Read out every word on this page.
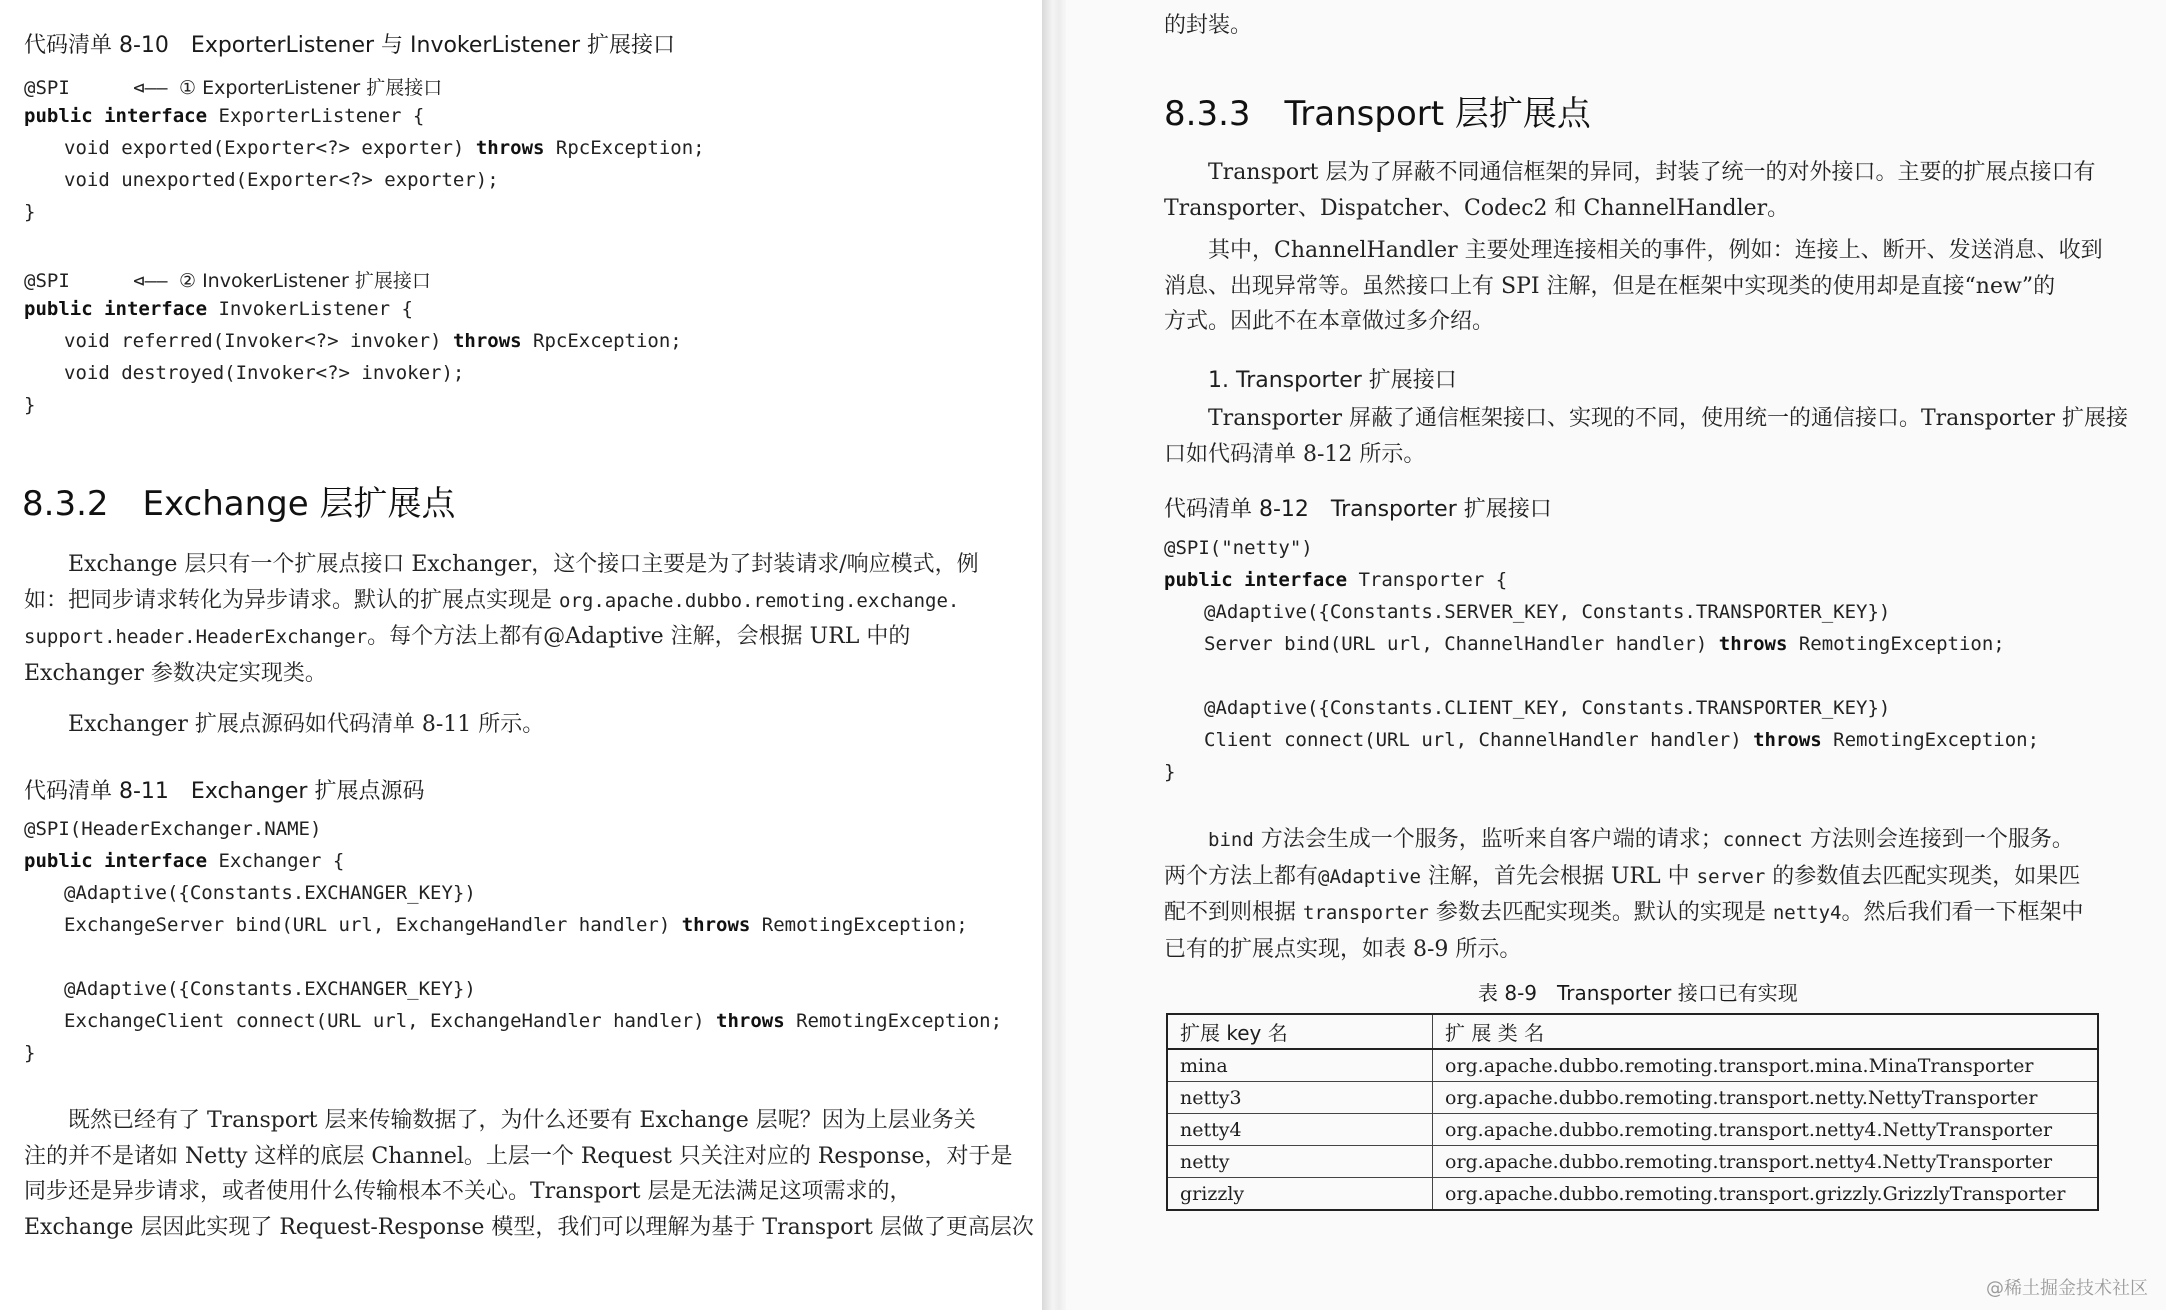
代码清单 8-10　ExporterListener 与 InvokerListener 扩展接口
@SPI	⊲—— ① ExporterListener 扩展接口
public interface ExporterListener {
void exported(Exporter<?> exporter) throws RpcException;
void unexported(Exporter<?> exporter);
}
@SPI	⊲—— ② InvokerListener 扩展接口
public interface InvokerListener {
void referred(Invoker<?> invoker) throws RpcException;
void destroyed(Invoker<?> invoker);
}
8.3.2　Exchange 层扩展点
Exchange 层只有一个扩展点接口 Exchanger，这个接口主要是为了封装请求/响应模式，例
如：把同步请求转化为异步请求。默认的扩展点实现是 org.apache.dubbo.remoting.exchange.
support.header.HeaderExchanger。每个方法上都有@Adaptive 注解，会根据 URL 中的
Exchanger 参数决定实现类。
Exchanger 扩展点源码如代码清单 8-11 所示。
代码清单 8-11　Exchanger 扩展点源码
@SPI(HeaderExchanger.NAME)
public interface Exchanger {
@Adaptive({Constants.EXCHANGER_KEY})
ExchangeServer bind(URL url, ExchangeHandler handler) throws RemotingException;
@Adaptive({Constants.EXCHANGER_KEY})
ExchangeClient connect(URL url, ExchangeHandler handler) throws RemotingException;
}
既然已经有了 Transport 层来传输数据了，为什么还要有 Exchange 层呢？因为上层业务关
注的并不是诸如 Netty 这样的底层 Channel。上层一个 Request 只关注对应的 Response，对于是
同步还是异步请求，或者使用什么传输根本不关心。Transport 层是无法满足这项需求的，
Exchange 层因此实现了 Request-Response 模型，我们可以理解为基于 Transport 层做了更高层次
的封装。
8.3.3　Transport 层扩展点
Transport 层为了屏蔽不同通信框架的异同，封装了统一的对外接口。主要的扩展点接口有
Transporter、Dispatcher、Codec2 和 ChannelHandler。
其中，ChannelHandler 主要处理连接相关的事件，例如：连接上、断开、发送消息、收到
消息、出现异常等。虽然接口上有 SPI 注解，但是在框架中实现类的使用却是直接“new”的
方式。因此不在本章做过多介绍。
1. Transporter 扩展接口
Transporter 屏蔽了通信框架接口、实现的不同，使用统一的通信接口。Transporter 扩展接
口如代码清单 8-12 所示。
代码清单 8-12　Transporter 扩展接口
@SPI("netty")
public interface Transporter {
@Adaptive({Constants.SERVER_KEY, Constants.TRANSPORTER_KEY})
Server bind(URL url, ChannelHandler handler) throws RemotingException;
@Adaptive({Constants.CLIENT_KEY, Constants.TRANSPORTER_KEY})
Client connect(URL url, ChannelHandler handler) throws RemotingException;
}
bind 方法会生成一个服务，监听来自客户端的请求；connect 方法则会连接到一个服务。
两个方法上都有@Adaptive 注解，首先会根据 URL 中 server 的参数值去匹配实现类，如果匹
配不到则根据 transporter 参数去匹配实现类。默认的实现是 netty4。然后我们看一下框架中
已有的扩展点实现，如表 8-9 所示。
表 8-9　Transporter 接口已有实现
扩展 key 名	扩 展 类 名
mina	org.apache.dubbo.remoting.transport.mina.MinaTransporter
netty3	org.apache.dubbo.remoting.transport.netty.NettyTransporter
netty4	org.apache.dubbo.remoting.transport.netty4.NettyTransporter
netty	org.apache.dubbo.remoting.transport.netty4.NettyTransporter
grizzly	org.apache.dubbo.remoting.transport.grizzly.GrizzlyTransporter
@稀土掘金技术社区
